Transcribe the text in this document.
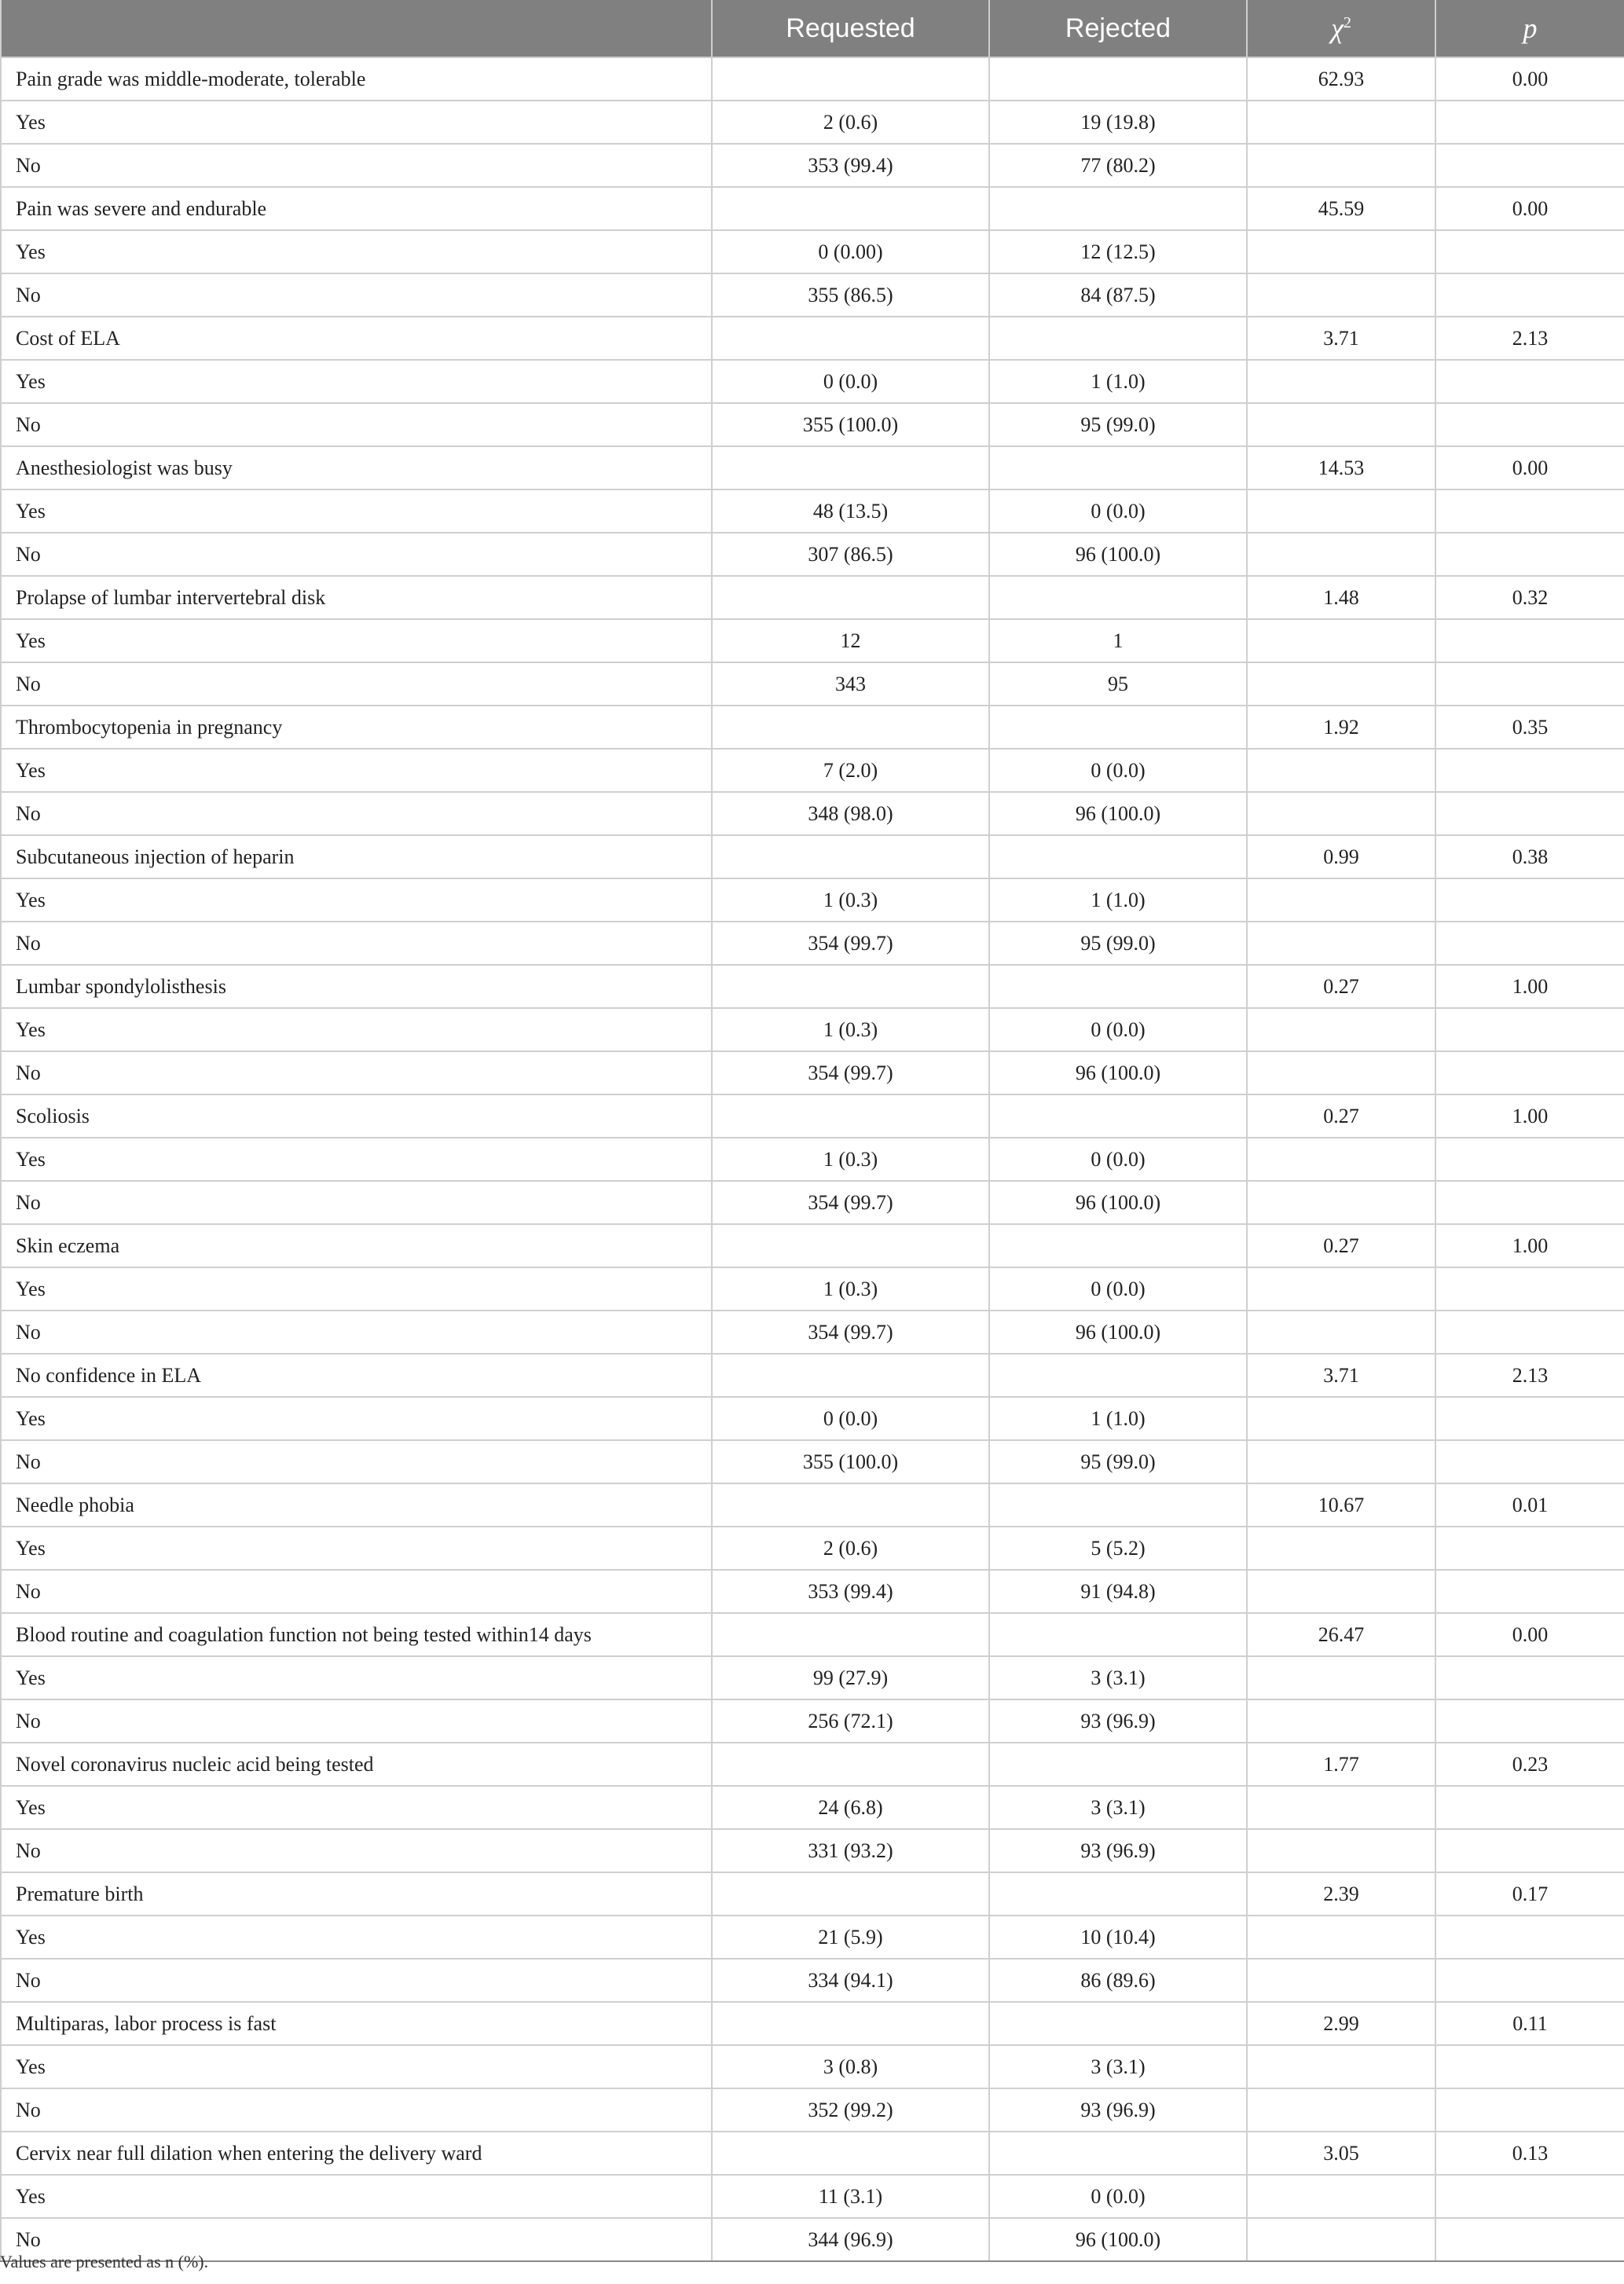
	Requested	Rejected	$\chi^2$	p
Pain grade was middle-moderate, tolerable			62.93	0.00
Yes	2 (0.6)	19 (19.8)		
No	353 (99.4)	77 (80.2)		
Pain was severe and endurable			45.59	0.00
Yes	0 (0.00)	12 (12.5)		
No	355 (86.5)	84 (87.5)		
Cost of ELA			3.71	2.13
Yes	0 (0.0)	1 (1.0)		
No	355 (100.0)	95 (99.0)		
Anesthesiologist was busy			14.53	0.00
Yes	48 (13.5)	0 (0.0)		
No	307 (86.5)	96 (100.0)		
Prolapse of lumbar intervertebral disk			1.48	0.32
Yes	12	1		
No	343	95		
Thrombocytopenia in pregnancy			1.92	0.35
Yes	7 (2.0)	0 (0.0)		
No	348 (98.0)	96 (100.0)		
Subcutaneous injection of heparin			0.99	0.38
Yes	1 (0.3)	1 (1.0)		
No	354 (99.7)	95 (99.0)		
Lumbar spondylolisthesis			0.27	1.00
Yes	1 (0.3)	0 (0.0)		
No	354 (99.7)	96 (100.0)		
Scoliosis			0.27	1.00
Yes	1 (0.3)	0 (0.0)		
No	354 (99.7)	96 (100.0)		
Skin eczema			0.27	1.00
Yes	1 (0.3)	0 (0.0)		
No	354 (99.7)	96 (100.0)		
No confidence in ELA			3.71	2.13
Yes	0 (0.0)	1 (1.0)		
No	355 (100.0)	95 (99.0)		
Needle phobia			10.67	0.01
Yes	2 (0.6)	5 (5.2)		
No	353 (99.4)	91 (94.8)		
Blood routine and coagulation function not being tested within14 days			26.47	0.00
Yes	99 (27.9)	3 (3.1)		
No	256 (72.1)	93 (96.9)		
Novel coronavirus nucleic acid being tested			1.77	0.23
Yes	24 (6.8)	3 (3.1)		
No	331 (93.2)	93 (96.9)		
Premature birth			2.39	0.17
Yes	21 (5.9)	10 (10.4)		
No	334 (94.1)	86 (89.6)		
Multiparas, labor process is fast			2.99	0.11
Yes	3 (0.8)	3 (3.1)		
No	352 (99.2)	93 (96.9)		
Cervix near full dilation when entering the delivery ward			3.05	0.13
Yes	11 (3.1)	0 (0.0)		
No	344 (96.9)	96 (100.0)		
Values are presented as n (%).
